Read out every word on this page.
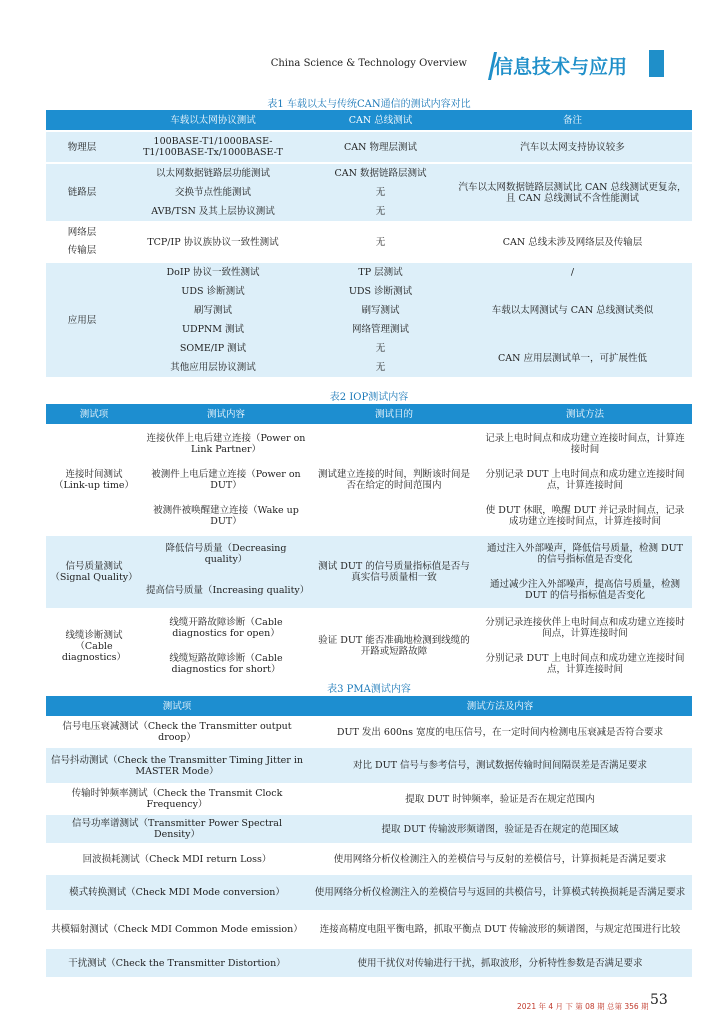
China Science & Technology Overview 信息技术与应用
表1 车载以太与传统CAN通信的测试内容对比
	车载以太网协议测试	CAN 总线测试	备注

物理层	100BASE-T1/1000BASE-T1/100BASE-Tx/1000BASE-T	CAN 物理层测试	汽车以太网支持协议较多

链路层	以太网数据链路层功能测试	CAN 数据链路层测试	汽车以太网数据链路层测试比 CAN 总线测试更复杂，且 CAN 总线测试不含性能测试
	交换节点性能测试	无	
	AVB/TSN 及其上层协议测试	无	

网络层
传输层	TCP/IP 协议族协议一致性测试	无	CAN 总线未涉及网络层及传输层

应用层	DoIP 协议一致性测试	TP 层测试	/
	UDS 诊断测试	UDS 诊断测试	车载以太网测试与 CAN 总线测试类似
	刷写测试	刷写测试	
	UDPNM 测试	网络管理测试	
	SOME/IP 测试	无	CAN 应用层测试单一，可扩展性低
	其他应用层协议测试	无	
表2 IOP测试内容
测试项	测试内容	测试目的	测试方法

连接时间测试（Link-up time）	连接伙伴上电后建立连接（Power on Link Partner）	测试建立连接的时间，判断该时间是否在给定的时间范围内	记录上电时间点和成功建立连接时间点，计算连接时间
	被测件上电后建立连接（Power on DUT）		分别记录 DUT 上电时间点和成功建立连接时间点，计算连接时间
	被测件被唤醒建立连接（Wake up DUT）		使 DUT 休眠，唤醒 DUT 并记录时间点，记录成功建立连接时间点，计算连接时间

信号质量测试（Signal Quality）	降低信号质量（Decreasing quality）	测试 DUT 的信号质量指标值是否与真实信号质量相一致	通过注入外部噪声，降低信号质量，检测 DUT 的信号指标值是否变化
	提高信号质量（Increasing quality）		通过减少注入外部噪声，提高信号质量，检测 DUT 的信号指标值是否变化

线缆诊断测试（Cable diagnostics）	线缆开路故障诊断（Cable diagnostics for open）	验证 DUT 能否准确地检测到线缆的开路或短路故障	分别记录连接伙伴上电时间点和成功建立连接时间点，计算连接时间
	线缆短路故障诊断（Cable diagnostics for short）		分别记录 DUT 上电时间点和成功建立连接时间点，计算连接时间
表3 PMA测试内容
测试项	测试方法及内容

信号电压衰减测试（Check the Transmitter output droop）	DUT 发出 600ns 宽度的电压信号，在一定时间内检测电压衰减是否符合要求

信号抖动测试（Check the Transmitter Timing Jitter in MASTER Mode）	对比 DUT 信号与参考信号，测试数据传输时间间隔误差是否满足要求

传输时钟频率测试（Check the Transmit Clock Frequency）	提取 DUT 时钟频率，验证是否在规定范围内

信号功率谱测试（Transmitter Power Spectral Density）	提取 DUT 传输波形频谱图，验证是否在规定的范围区域

回波损耗测试（Check MDI return Loss）	使用网络分析仪检测注入的差模信号与反射的差模信号，计算损耗是否满足要求

模式转换测试（Check MDI Mode conversion）	使用网络分析仪检测注入的差模信号与返回的共模信号，计算模式转换损耗是否满足要求

共模辐射测试（Check MDI Common Mode emission）	连接高精度电阻平衡电路，抓取平衡点 DUT 传输波形的频谱图，与规定范围进行比较

干扰测试（Check the Transmitter Distortion）	使用干扰仪对传输进行干扰，抓取波形，分析特性参数是否满足要求
2021 年 4 月 下 第 08 期 总第 356 期 53
